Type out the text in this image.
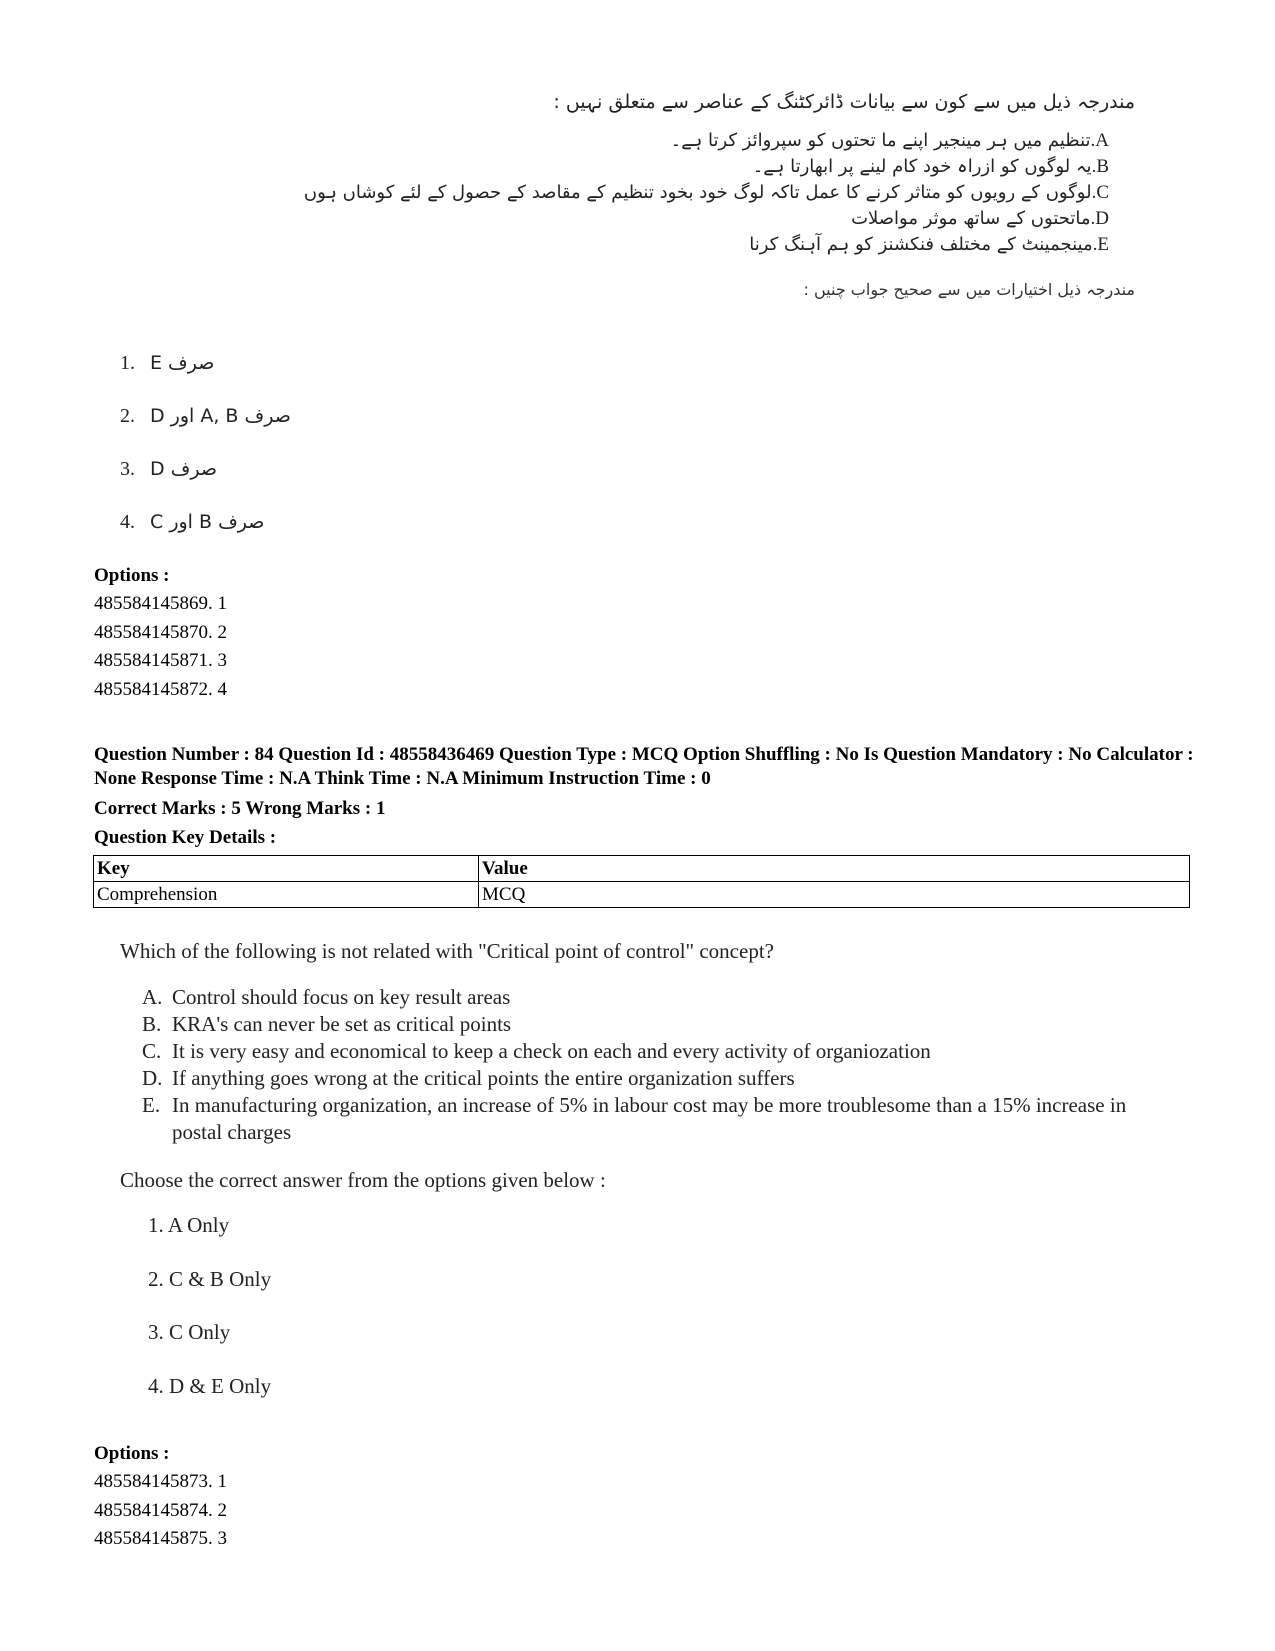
مندرجہ ذیل میں سے کون سے بیانات ڈائرکٹنگ کے عناصر سے متعلق نہیں :
A.تنظیم میں ہر مینجیر اپنے ما تحتوں کو سپروائز کرتا ہے۔
B.یہ لوگوں کو ازراہ خود کام لینے پر ابھارتا ہے۔
C.لوگوں کے رویوں کو متاثر کرنے کا عمل تاکہ لوگ خود بخود تنظیم کے مقاصد کے حصول کے لئے کوشاں ہوں
D.ماتحتوں کے ساتھ موثر مواصلات
E.مینجمینٹ کے مختلف فنکشنز کو ہم آہنگ کرنا
مندرجہ ذیل اختیارات میں سے صحیح جواب چنیں :
1. صرف E
2. صرف A, B اور D
3. صرف D
4. صرف B اور C
Options :
485584145869. 1
485584145870. 2
485584145871. 3
485584145872. 4
Question Number : 84 Question Id : 48558436469 Question Type : MCQ Option Shuffling : No Is Question Mandatory : No Calculator : None Response Time : N.A Think Time : N.A Minimum Instruction Time : 0
Correct Marks : 5 Wrong Marks : 1
Question Key Details :
Key	Value
Comprehension	MCQ
Which of the following is not related with "Critical point of control" concept?
A. Control should focus on key result areas
B. KRA's can never be set as critical points
C. It is very easy and economical to keep a check on each and every activity of organiozation
D. If anything goes wrong at the critical points the entire organization suffers
E. In manufacturing organization, an increase of 5% in labour cost may be more troublesome than a 15% increase in postal charges
Choose the correct answer from the options given below :
1. A Only
2. C & B Only
3. C Only
4. D & E Only
Options :
485584145873. 1
485584145874. 2
485584145875. 3
